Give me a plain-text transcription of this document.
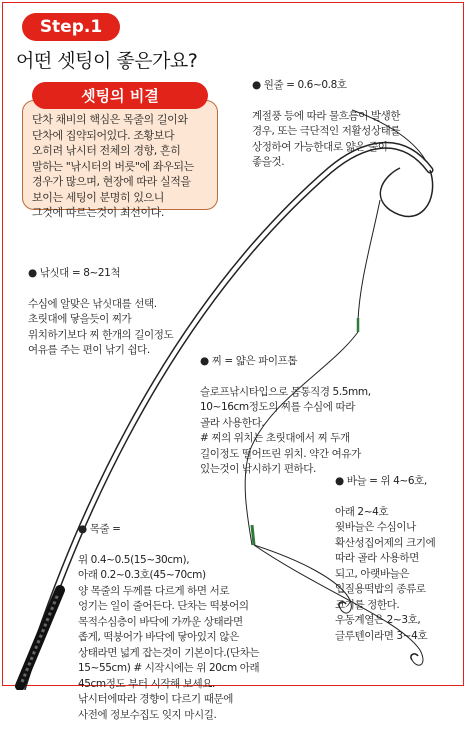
Step.1
어떤 셋팅이 좋은가요?
셋팅의 비결
단차 채비의 핵심은 목줄의 길이와
단차에 집약되어있다. 조황보다
오히려 낚시터 전체의 경향, 흔히
말하는 "낚시터의 버릇"에 좌우되는
경우가 많으며, 현장에 따라 실적을
보이는 세팅이 분명히 있으니
그것에 따르는것이 최선이다.

● 원줄 = 0.6~0.8호

계절풍 등에 따라 물흐름이 발생한
경우, 또는 극단적인 저활성상태를
상정하여 가능한대로 얇은 줄이
좋을것.

● 낚싯대 = 8~21척

수심에 알맞은 낚싯대를 선택.
초릿대에 닿을듯이 찌가
위치하기보다 찌 한개의 길이정도
여유를 주는 편이 낚기 쉽다.

● 찌 = 얇은 파이프톱

슬로프낚시타입으로 몸통직경 5.5mm,
10~16cm정도의 찌를 수심에 따라
골라 사용한다.
# 찌의 위치는 초릿대에서 찌 두개
길이정도 떨어뜨린 위치. 약간 여유가
있는것이 낚시하기 편하다.

● 바늘 = 위 4~6호,

아래 2~4호
윗바늘은 수심이나
확산성집어제의 크기에
따라 골라 사용하면
되고, 아랫바늘은
입질용떡밥의 종류로
크기를 정한다.
우동계열은 2~3호,
글루텐이라면 3~4호

● 목줄 =

위 0.4~0.5(15~30cm),
아래 0.2~0.3호(45~70cm)
양 목줄의 두께를 다르게 하면 서로
엉기는 일이 줄어든다. 단차는 떡붕어의
목적수심층이 바닥에 가까운 상태라면
좁게, 떡붕어가 바닥에 닿아있지 않은
상태라면 넓게 잡는것이 기본이다.(단차는
15~55cm) # 시작시에는 위 20cm 아래
45cm정도 부터 시작해 보세요.
낚시터에따라 경향이 다르기 때문에
사전에 정보수집도 잊지 마시길.
